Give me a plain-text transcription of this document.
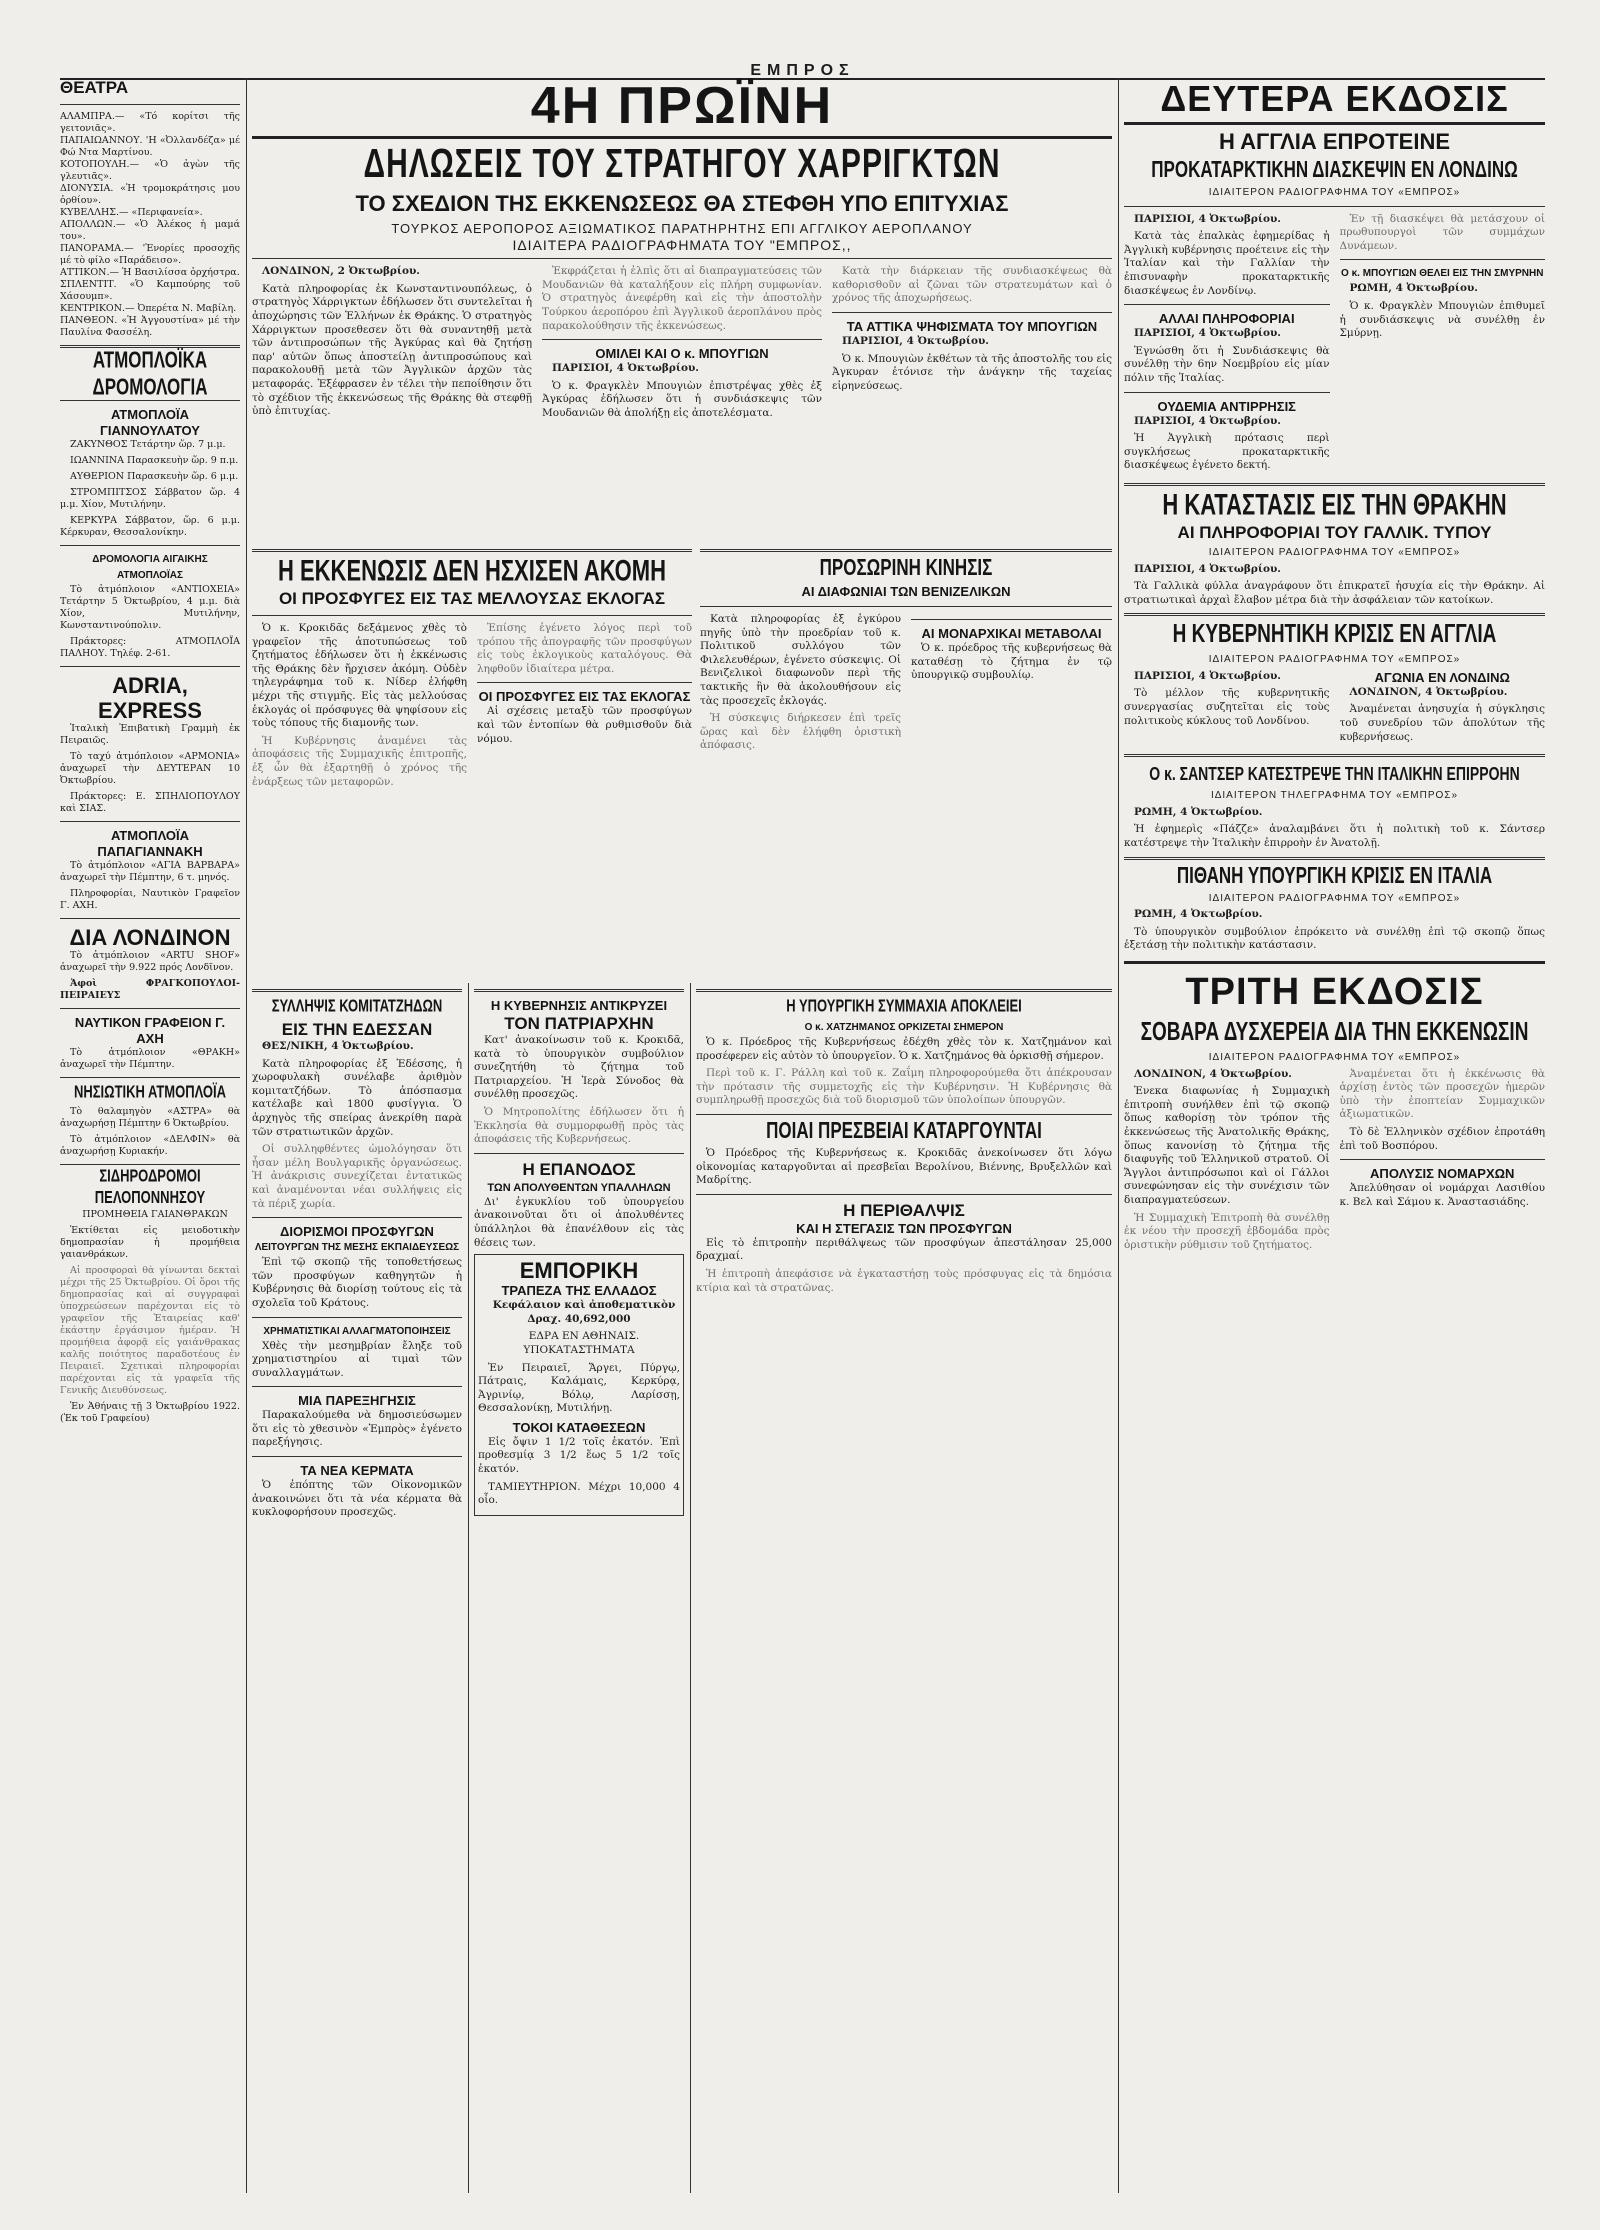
ΕΜΠΡΟΣ
ΘΕΑΤΡΑ
ΑΛΑΜΠΡΑ.— «Τό κορίτσι τῆς γειτονιᾶς».
ΠΑΠΑΙΩΑΝΝΟΥ. 'Η «Ὀλλανδέζα» μέ Φώ Ντα Μαρτίνου.
ΚΟΤΟΠΟΥΛΗ.— «Ὁ ἀγὼν τῆς γλευτιᾶς».
ΔΙΟΝΥΣΙΑ. «Ἡ τρομοκράτησις μου ὀρθίου».
ΚΥΒΕΛΛΗΣ.— «Περιφανεία».
ΑΠΟΛΛΩΝ.— «Ὁ Ἀλέκος ἡ μαμά του».
ΠΑΝΟΡΑΜΑ.— 'Ἐνορίες προσοχῆς μέ τὸ φίλο «Παράδεισο».
ΑΤΤΙΚΟΝ.— Ἡ Βασιλίσσα ὀρχήστρα.
ΣΠΛΕΝΤΙΤ. «Ὁ Καμπούρης τοῦ Χάσουμπ».
ΚΕΝΤΡΙΚΟΝ.— Ὀπερέτα Ν. Μαβίλη.
ΠΑΝΘΕΟΝ. «Ἡ Ἀγγουστίνα» μέ τὴν Παυλίνα Φασσέλη.
ΑΤΜΟΠΛΟΪΚΑ ΔΡΟΜΟΛΟΓΙΑ
ΑΤΜΟΠΛΟΪΑ ΓΙΑΝΝΟΥΛΑΤΟΥ

ΖΑΚΥΝΘΟΣ Τετάρτην ὥρ. 7 μ.μ.

ΙΩΑΝΝΙΝΑ Παρασκευὴν ὥρ. 9 π.μ.

ΑΥΘΕΡΙΟΝ Παρασκευὴν ὥρ. 6 μ.μ.

ΣΤΡΟΜΠΙΤΣΟΣ Σάββατον ὥρ. 4 μ.μ. Χίον, Μυτιλήνην.

ΚΕΡΚΥΡΑ Σάββατον, ὥρ. 6 μ.μ. Κέρκυραν, Θεσσαλονίκην.

ΔΡΟΜΟΛΟΓΙΑ ΑΙΓΑΙΚΗΣ ΑΤΜΟΠΛΟΪΑΣ

Τὸ ἀτμόπλοιον «ΑΝΤΙΟΧΕΙΑ» Τετάρτην 5 Ὀκτωβρίου, 4 μ.μ. διὰ Χίον, Μυτιλήνην, Κωνσταντινούπολιν.

Πράκτορες: ΑΤΜΟΠΛΟΪΑ ΠΑΛΗΟΥ. Τηλέφ. 2-61.

ADRIA, EXPRESS

Ἰταλικὴ Ἐπιβατικὴ Γραμμὴ ἐκ Πειραιῶς.

Τὸ ταχύ ἀτμόπλοιον «ΑΡΜΟΝΙΑ» ἀναχωρεῖ τὴν ΔΕΥΤΕΡΑΝ 10 Ὀκτωβρίου.

Πράκτορες: Ε. ΣΠΗΛΙΟΠΟΥΛΟΥ καὶ ΣΙΑΣ.

ΑΤΜΟΠΛΟΪΑ ΠΑΠΑΓΙΑΝΝΑΚΗ

Τὸ ἀτμόπλοιον «ΑΓΙΑ ΒΑΡΒΑΡΑ» ἀναχωρεῖ τὴν Πέμπτην, 6 τ. μηνός.

Πληροφορίαι, Ναυτικὸν Γραφεῖον Γ. ΑΧΗ.

ΔΙΑ ΛΟΝΔΙΝΟΝ

Τὸ ἀτμόπλοιον «ARTU SHOF» ἀναχωρεῖ τὴν 9.922 πρός Λονδῖνον.

Ἀφοὶ ΦΡΑΓΚΟΠΟΥΛΟΙ-ΠΕΙΡΑΙΕΥΣ

ΝΑΥΤΙΚΟΝ ΓΡΑΦΕΙΟΝ Γ. ΑΧΗ

Τὸ ἀτμόπλοιον «ΘΡΑΚΗ» ἀναχωρεῖ τὴν Πέμπτην.

ΝΗΣΙΩΤΙΚΗ ΑΤΜΟΠΛΟΪΑ

Τὸ θαλαμηγὸν «ΑΣΤΡΑ» θὰ ἀναχωρήσῃ Πέμπτην 6 Ὀκτωβρίου.

Τὸ ἀτμόπλοιον «ΔΕΛΦΙΝ» θὰ ἀναχωρήσῃ Κυριακήν.

ΣΙΔΗΡΟΔΡΟΜΟΙ ΠΕΛΟΠΟΝΝΗΣΟΥ

ΠΡΟΜΗΘΕΙΑ ΓΑΙΑΝΘΡΑΚΩΝ

Ἐκτίθεται εἰς μειοδοτικὴν δημοπρασίαν ἡ προμήθεια γαιανθράκων.

Αἱ προσφοραὶ θὰ γίνωνται δεκταὶ μέχρι τῆς 25 Ὀκτωβρίου. Οἱ ὅροι τῆς δημοπρασίας καὶ αἱ συγγραφαὶ ὑποχρεώσεων παρέχονται εἰς τὸ γραφεῖον τῆς Ἑταιρείας καθ' ἑκάστην ἐργάσιμον ἡμέραν. Ἡ προμήθεια ἀφορᾷ εἰς γαιάνθρακας καλῆς ποιότητος παραδοτέους ἐν Πειραιεῖ. Σχετικαὶ πληροφορίαι παρέχονται εἰς τὰ γραφεῖα τῆς Γενικῆς Διευθύνσεως.

Ἐν Ἀθήναις τῇ 3 Ὀκτωβρίου 1922. (Ἐκ τοῦ Γραφείου)

4Η ΠΡΩΪΝΗ
ΔΗΛΩΣΕΙΣ ΤΟΥ ΣΤΡΑΤΗΓΟΥ ΧΑΡΡΙΓΚΤΩΝ
ΤΟ ΣΧΕΔΙΟΝ ΤΗΣ ΕΚΚΕΝΩΣΕΩΣ ΘΑ ΣΤΕΦΘΗ ΥΠΟ ΕΠΙΤΥΧΙΑΣ
ΤΟΥΡΚΟΣ ΑΕΡΟΠΟΡΟΣ ΑΞΙΩΜΑΤΙΚΟΣ ΠΑΡΑΤΗΡΗΤΗΣ ΕΠΙ ΑΓΓΛΙΚΟΥ ΑΕΡΟΠΛΑΝΟΥ
ΙΔΙΑΙΤΕΡΑ ΡΑΔΙΟΓΡΑΦΗΜΑΤΑ ΤΟΥ "ΕΜΠΡΟΣ,,

ΛΟΝΔΙΝΟΝ, 2 Ὀκτωβρίου.

Κατὰ πληροφορίας ἐκ Κωνσταντινουπόλεως, ὁ στρατηγὸς Χάρριγκτων ἐδήλωσεν ὅτι συντελεῖται ἡ ἀποχώρησις τῶν Ἑλλήνων ἐκ Θράκης. Ὁ στρατηγὸς Χάρριγκτων προσεθεσεν ὅτι θὰ συναντηθῇ μετὰ τῶν ἀντιπροσώπων τῆς Ἀγκύρας καὶ θὰ ζητήσῃ παρ' αὐτῶν ὅπως ἀποστείλῃ ἀντιπροσώπους καὶ παρακολουθῇ μετὰ τῶν Ἀγγλικῶν ἀρχῶν τὰς μεταφοράς. Ἐξέφρασεν ἐν τέλει τὴν πεποίθησιν ὅτι τὸ σχέδιον τῆς ἐκκενώσεως τῆς Θράκης θὰ στεφθῇ ὑπὸ ἐπιτυχίας.

Ἐκφράζεται ἡ ἐλπὶς ὅτι αἱ διαπραγματεύσεις τῶν Μουδανιῶν θὰ καταλήξουν εἰς πλήρη συμφωνίαν. Ὁ στρατηγὸς ἀνεφέρθη καὶ εἰς τὴν ἀποστολὴν Τούρκου ἀεροπόρου ἐπὶ Ἀγγλικοῦ ἀεροπλάνου πρὸς παρακολούθησιν τῆς ἐκκενώσεως.

ΟΜΙΛΕΙ ΚΑΙ Ο κ. ΜΠΟΥΓΙΩΝ

ΠΑΡΙΣΙΟΙ, 4 Ὀκτωβρίου.

Ὁ κ. Φραγκλὲν Μπουγιὼν ἐπιστρέψας χθὲς ἐξ Ἀγκύρας ἐδήλωσεν ὅτι ἡ συνδιάσκεψις τῶν Μουδανιῶν θὰ ἀπολήξῃ εἰς ἀποτελέσματα.

Κατὰ τὴν διάρκειαν τῆς συνδιασκέψεως θὰ καθορισθοῦν αἱ ζῶναι τῶν στρατευμάτων καὶ ὁ χρόνος τῆς ἀποχωρήσεως.

ΤΑ ΑΤΤΙΚΑ ΨΗΦΙΣΜΑΤΑ ΤΟΥ ΜΠΟΥΓΙΩΝ

ΠΑΡΙΣΙΟΙ, 4 Ὀκτωβρίου.

Ὁ κ. Μπουγιὼν ἐκθέτων τὰ τῆς ἀποστολῆς του εἰς Ἀγκυραν ἐτόνισε τὴν ἀνάγκην τῆς ταχείας εἰρηνεύσεως.

Η ΕΚΚΕΝΩΣΙΣ ΔΕΝ ΗΣΧΙΣΕΝ ΑΚΟΜΗ
ΟΙ ΠΡΟΣΦΥΓΕΣ ΕΙΣ ΤΑΣ ΜΕΛΛΟΥΣΑΣ ΕΚΛΟΓΑΣ

Ὁ κ. Κροκιδᾶς δεξάμενος χθὲς τὸ γραφεῖον τῆς ἀποτυπώσεως τοῦ ζητήματος ἐδήλωσεν ὅτι ἡ ἐκκένωσις τῆς Θράκης δὲν ἤρχισεν ἀκόμη. Οὐδὲν τηλεγράφημα τοῦ κ. Νίδερ ἐλήφθη μέχρι τῆς στιγμῆς. Εἰς τὰς μελλούσας ἐκλογάς οἱ πρόσφυγες θὰ ψηφίσουν εἰς τοὺς τόπους τῆς διαμονῆς των.

Ἡ Κυβέρνησις ἀναμένει τὰς ἀποφάσεις τῆς Συμμαχικῆς ἐπιτροπῆς, ἐξ ὧν θὰ ἐξαρτηθῇ ὁ χρόνος τῆς ἐνάρξεως τῶν μεταφορῶν.

Ἐπίσης ἐγένετο λόγος περὶ τοῦ τρόπου τῆς ἀπογραφῆς τῶν προσφύγων εἰς τοὺς ἐκλογικοὺς καταλόγους. Θὰ ληφθοῦν ἰδιαίτερα μέτρα.

ΟΙ ΠΡΟΣΦΥΓΕΣ ΕΙΣ ΤΑΣ ΕΚΛΟΓΑΣ

Αἱ σχέσεις μεταξὺ τῶν προσφύγων καὶ τῶν ἐντοπίων θὰ ρυθμισθοῦν διὰ νόμου.

ΠΡΟΣΩΡΙΝΗ ΚΙΝΗΣΙΣ
ΑΙ ΔΙΑΦΩΝΙΑΙ ΤΩΝ ΒΕΝΙΖΕΛΙΚΩΝ

Κατὰ πληροφορίας ἐξ ἐγκύρου πηγῆς ὑπὸ τὴν προεδρίαν τοῦ κ. Πολιτικοῦ συλλόγου τῶν Φιλελευθέρων, ἐγένετο σύσκεψις. Οἱ Βενιζελικοὶ διαφωνοῦν περὶ τῆς τακτικῆς ἣν θὰ ἀκολουθήσουν εἰς τὰς προσεχεῖς ἐκλογάς.

Ἡ σύσκεψις διήρκεσεν ἐπὶ τρεῖς ὥρας καὶ δὲν ἐλήφθη ὁριστικὴ ἀπόφασις.

ΑΙ ΜΟΝΑΡΧΙΚΑΙ ΜΕΤΑΒΟΛΑΙ

Ὁ κ. πρόεδρος τῆς κυβερνήσεως θὰ καταθέσῃ τὸ ζήτημα ἐν τῷ ὑπουργικῷ συμβουλίῳ.

ΣΥΛΛΗΨΙΣ ΚΟΜΙΤΑΤΖΗΔΩΝ
ΕΙΣ ΤΗΝ ΕΔΕΣΣΑΝ

ΘΕΣ/ΝΙΚΗ, 4 Ὀκτωβρίου.

Κατὰ πληροφορίας ἐξ Ἐδέσσης, ἡ χωροφυλακὴ συνέλαβε ἀριθμὸν κομιτατζήδων. Τὸ ἀπόσπασμα κατέλαβε καὶ 1800 φυσίγγια. Ὁ ἀρχηγὸς τῆς σπείρας ἀνεκρίθη παρὰ τῶν στρατιωτικῶν ἀρχῶν.

Οἱ συλληφθέντες ὡμολόγησαν ὅτι ἦσαν μέλη Βουλγαρικῆς ὀργανώσεως. Ἡ ἀνάκρισις συνεχίζεται ἐντατικῶς καὶ ἀναμένονται νέαι συλλήψεις εἰς τὰ πέριξ χωρία.

ΔΙΟΡΙΣΜΟΙ ΠΡΟΣΦΥΓΩΝ
ΛΕΙΤΟΥΡΓΩΝ ΤΗΣ ΜΕΣΗΣ ΕΚΠΑΙΔΕΥΣΕΩΣ

Ἐπὶ τῷ σκοπῷ τῆς τοποθετήσεως τῶν προσφύγων καθηγητῶν ἡ Κυβέρνησις θὰ διορίσῃ τούτους εἰς τὰ σχολεῖα τοῦ Κράτους.

ΧΡΗΜΑΤΙΣΤΙΚΑΙ ΑΛΛΑΓΜΑΤΟΠΟΙΗΣΕΙΣ

Χθὲς τὴν μεσημβρίαν ἔληξε τοῦ χρηματιστηρίου αἱ τιμαὶ τῶν συναλλαγμάτων.

ΜΙΑ ΠΑΡΕΞΗΓΗΣΙΣ

Παρακαλούμεθα νὰ δημοσιεύσωμεν ὅτι εἰς τὸ χθεσινὸν «Ἐμπρὸς» ἐγένετο παρεξήγησις.

ΤΑ ΝΕΑ ΚΕΡΜΑΤΑ

Ὁ ἐπόπτης τῶν Οἰκονομικῶν ἀνακοινώνει ὅτι τὰ νέα κέρματα θὰ κυκλοφορήσουν προσεχῶς.

Η ΚΥΒΕΡΝΗΣΙΣ ΑΝΤΙΚΡΥΖΕΙ
ΤΟΝ ΠΑΤΡΙΑΡΧΗΝ

Κατ' ἀνακοίνωσιν τοῦ κ. Κροκιδᾶ, κατὰ τὸ ὑπουργικὸν συμβούλιον συνεζητήθη τὸ ζήτημα τοῦ Πατριαρχείου. Ἡ Ἱερὰ Σύνοδος θὰ συνέλθῃ προσεχῶς.

Ὁ Μητροπολίτης ἐδήλωσεν ὅτι ἡ Ἐκκλησία θὰ συμμορφωθῇ πρὸς τὰς ἀποφάσεις τῆς Κυβερνήσεως.

Η ΕΠΑΝΟΔΟΣ
ΤΩΝ ΑΠΟΛΥΘΕΝΤΩΝ ΥΠΑΛΛΗΛΩΝ

Δι' ἐγκυκλίου τοῦ ὑπουργείου ἀνακοινοῦται ὅτι οἱ ἀπολυθέντες ὑπάλληλοι θὰ ἐπανέλθουν εἰς τὰς θέσεις των.

ΕΜΠΟΡΙΚΗ
ΤΡΑΠΕΖΑ ΤΗΣ ΕΛΛΑΔΟΣ

Κεφάλαιον καὶ ἀποθεματικὸν Δραχ. 40,692,000

ΕΔΡΑ ΕΝ ΑΘΗΝΑΙΣ. ΥΠΟΚΑΤΑΣΤΗΜΑΤΑ

Ἐν Πειραιεῖ, Ἄργει, Πύργῳ, Πάτραις, Καλάμαις, Κερκύρᾳ, Ἀγρινίῳ, Βόλῳ, Λαρίσσῃ, Θεσσαλονίκῃ, Μυτιλήνῃ.

ΤΟΚΟΙ ΚΑΤΑΘΕΣΕΩΝ

Εἰς ὄψιν 1 1/2 τοῖς ἑκατόν. Ἐπὶ προθεσμίᾳ 3 1/2 ἕως 5 1/2 τοῖς ἑκατόν.

ΤΑΜΙΕΥΤΗΡΙΟΝ. Μέχρι 10,000 4 οἷο.

Η ΥΠΟΥΡΓΙΚΗ ΣΥΜΜΑΧΙΑ ΑΠΟΚΛΕΙΕΙ
Ο κ. ΧΑΤΖΗΜΑΝΟΣ ΟΡΚΙΖΕΤΑΙ ΣΗΜΕΡΟΝ

Ὁ κ. Πρόεδρος τῆς Κυβερνήσεως ἐδέχθη χθὲς τὸν κ. Χατζημάνον καὶ προσέφερεν εἰς αὐτὸν τὸ ὑπουργεῖον. Ὁ κ. Χατζημάνος θὰ ὁρκισθῇ σήμερον.

Περὶ τοῦ κ. Γ. Ράλλη καὶ τοῦ κ. Ζαΐμη πληροφορούμεθα ὅτι ἀπέκρουσαν τὴν πρότασιν τῆς συμμετοχῆς εἰς τὴν Κυβέρνησιν. Ἡ Κυβέρνησις θὰ συμπληρωθῇ προσεχῶς διὰ τοῦ διορισμοῦ τῶν ὑπολοίπων ὑπουργῶν.

ΠΟΙΑΙ ΠΡΕΣΒΕΙΑΙ ΚΑΤΑΡΓΟΥΝΤΑΙ

Ὁ Πρόεδρος τῆς Κυβερνήσεως κ. Κροκιδᾶς ἀνεκοίνωσεν ὅτι λόγω οἰκονομίας καταργοῦνται αἱ πρεσβεῖαι Βερολίνου, Βιέννης, Βρυξελλῶν καὶ Μαδρίτης.

Η ΠΕΡΙΘΑΛΨΙΣ
ΚΑΙ Η ΣΤΕΓΑΣΙΣ ΤΩΝ ΠΡΟΣΦΥΓΩΝ

Εἰς τὸ ἐπιτροπὴν περιθάλψεως τῶν προσφύγων ἀπεστάλησαν 25,000 δραχμαί.

Ἡ ἐπιτροπὴ ἀπεφάσισε νὰ ἐγκαταστήσῃ τοὺς πρόσφυγας εἰς τὰ δημόσια κτίρια καὶ τὰ στρατῶνας.

ΔΕΥΤΕΡΑ ΕΚΔΟΣΙΣ
Η ΑΓΓΛΙΑ ΕΠΡΟΤΕΙΝΕ
ΠΡΟΚΑΤΑΡΚΤΙΚΗΝ ΔΙΑΣΚΕΨΙΝ ΕΝ ΛΟΝΔΙΝΩ
ΙΔΙΑΙΤΕΡΟΝ ΡΑΔΙΟΓΡΑΦΗΜΑ ΤΟΥ «ΕΜΠΡΟΣ»

ΠΑΡΙΣΙΟΙ, 4 Ὀκτωβρίου.

Κατὰ τὰς ἐπαλκὰς ἐφημερίδας ἡ Ἀγγλικὴ κυβέρνησις προέτεινε εἰς τὴν Ἰταλίαν καὶ τὴν Γαλλίαν τὴν ἐπισυναφὴν προκαταρκτικῆς διασκέψεως ἐν Λονδίνῳ.

ΑΛΛΑΙ ΠΛΗΡΟΦΟΡΙΑΙ

ΠΑΡΙΣΙΟΙ, 4 Ὀκτωβρίου.

Ἐγνώσθη ὅτι ἡ Συνδιάσκεψις θὰ συνέλθῃ τὴν 6ην Νοεμβρίου εἰς μίαν πόλιν τῆς Ἰταλίας.

ΟΥΔΕΜΙΑ ΑΝΤΙΡΡΗΣΙΣ

ΠΑΡΙΣΙΟΙ, 4 Ὀκτωβρίου.

Ἡ Ἀγγλικὴ πρότασις περὶ συγκλήσεως προκαταρκτικῆς διασκέψεως ἐγένετο δεκτή.

Ἐν τῇ διασκέψει θὰ μετάσχουν οἱ πρωθυπουργοὶ τῶν συμμάχων Δυνάμεων.

Ο κ. ΜΠΟΥΓΙΩΝ ΘΕΛΕΙ ΕΙΣ ΤΗΝ ΣΜΥΡΝΗΝ

ΡΩΜΗ, 4 Ὀκτωβρίου.

Ὁ κ. Φραγκλὲν Μπουγιὼν ἐπιθυμεῖ ἡ συνδιάσκεψις νὰ συνέλθῃ ἐν Σμύρνῃ.

Η ΚΑΤΑΣΤΑΣΙΣ ΕΙΣ ΤΗΝ ΘΡΑΚΗΝ
ΑΙ ΠΛΗΡΟΦΟΡΙΑΙ ΤΟΥ ΓΑΛΛΙΚ. ΤΥΠΟΥ
ΙΔΙΑΙΤΕΡΟΝ ΡΑΔΙΟΓΡΑΦΗΜΑ ΤΟΥ «ΕΜΠΡΟΣ»

ΠΑΡΙΣΙΟΙ, 4 Ὀκτωβρίου.

Τὰ Γαλλικὰ φύλλα ἀναγράφουν ὅτι ἐπικρατεῖ ἡσυχία εἰς τὴν Θράκην. Αἱ στρατιωτικαὶ ἀρχαὶ ἔλαβον μέτρα διὰ τὴν ἀσφάλειαν τῶν κατοίκων.

Η ΚΥΒΕΡΝΗΤΙΚΗ ΚΡΙΣΙΣ ΕΝ ΑΓΓΛΙΑ
ΙΔΙΑΙΤΕΡΟΝ ΡΑΔΙΟΓΡΑΦΗΜΑ ΤΟΥ «ΕΜΠΡΟΣ»

ΠΑΡΙΣΙΟΙ, 4 Ὀκτωβρίου.

Τὸ μέλλον τῆς κυβερνητικῆς συνεργασίας συζητεῖται εἰς τοὺς πολιτικοὺς κύκλους τοῦ Λονδίνου.

ΑΓΩΝΙΑ ΕΝ ΛΟΝΔΙΝΩ

ΛΟΝΔΙΝΟΝ, 4 Ὀκτωβρίου.

Ἀναμένεται ἀνησυχία ἡ σύγκλησις τοῦ συνεδρίου τῶν ἀπολύτων τῆς κυβερνήσεως.

Ο κ. ΣΑΝΤΣΕΡ ΚΑΤΕΣΤΡΕΨΕ ΤΗΝ ΙΤΑΛΙΚΗΝ ΕΠΙΡΡΟΗΝ
ΙΔΙΑΙΤΕΡΟΝ ΤΗΛΕΓΡΑΦΗΜΑ ΤΟΥ «ΕΜΠΡΟΣ»

ΡΩΜΗ, 4 Ὀκτωβρίου.

Ἡ ἐφημερὶς «Πάζζε» ἀναλαμβάνει ὅτι ἡ πολιτικὴ τοῦ κ. Σάντσερ κατέστρεψε τὴν Ἰταλικὴν ἐπιρροὴν ἐν Ἀνατολῇ.

ΠΙΘΑΝΗ ΥΠΟΥΡΓΙΚΗ ΚΡΙΣΙΣ ΕΝ ΙΤΑΛΙΑ
ΙΔΙΑΙΤΕΡΟΝ ΡΑΔΙΟΓΡΑΦΗΜΑ ΤΟΥ «ΕΜΠΡΟΣ»

ΡΩΜΗ, 4 Ὀκτωβρίου.

Τὸ ὑπουργικὸν συμβούλιον ἐπρόκειτο νὰ συνέλθῃ ἐπὶ τῷ σκοπῷ ὅπως ἐξετάσῃ τὴν πολιτικὴν κατάστασιν.

ΤΡΙΤΗ ΕΚΔΟΣΙΣ
ΣΟΒΑΡΑ ΔΥΣΧΕΡΕΙΑ ΔΙΑ ΤΗΝ ΕΚΚΕΝΩΣΙΝ
ΙΔΙΑΙΤΕΡΟΝ ΡΑΔΙΟΓΡΑΦΗΜΑ ΤΟΥ «ΕΜΠΡΟΣ»

ΛΟΝΔΙΝΟΝ, 4 Ὀκτωβρίου.

Ἐνεκα διαφωνίας ἡ Συμμαχικὴ ἐπιτροπὴ συνήλθεν ἐπὶ τῷ σκοπῷ ὅπως καθορίσῃ τὸν τρόπον τῆς ἐκκενώσεως τῆς Ἀνατολικῆς Θράκης, ὅπως κανονίσῃ τὸ ζήτημα τῆς διαφυγῆς τοῦ Ἑλληνικοῦ στρατοῦ. Οἱ Ἄγγλοι ἀντιπρόσωποι καὶ οἱ Γάλλοι συνεφώνησαν εἰς τὴν συνέχισιν τῶν διαπραγματεύσεων.

Ἡ Συμμαχικὴ Ἐπιτροπὴ θὰ συνέλθῃ ἐκ νέου τὴν προσεχῆ ἑβδομάδα πρὸς ὁριστικὴν ρύθμισιν τοῦ ζητήματος.

Ἀναμένεται ὅτι ἡ ἐκκένωσις θὰ ἀρχίσῃ ἐντὸς τῶν προσεχῶν ἡμερῶν ὑπὸ τὴν ἐποπτείαν Συμμαχικῶν ἀξιωματικῶν.

Τὸ δὲ Ἐλληνικὸν σχέδιον ἐπροτάθη ἐπὶ τοῦ Βοσπόρου.

ΑΠΟΛΥΣΙΣ ΝΟΜΑΡΧΩΝ

Ἀπελύθησαν οἱ νομάρχαι Λασιθίου κ. Βελ καὶ Σάμου κ. Ἀναστασιάδης.
